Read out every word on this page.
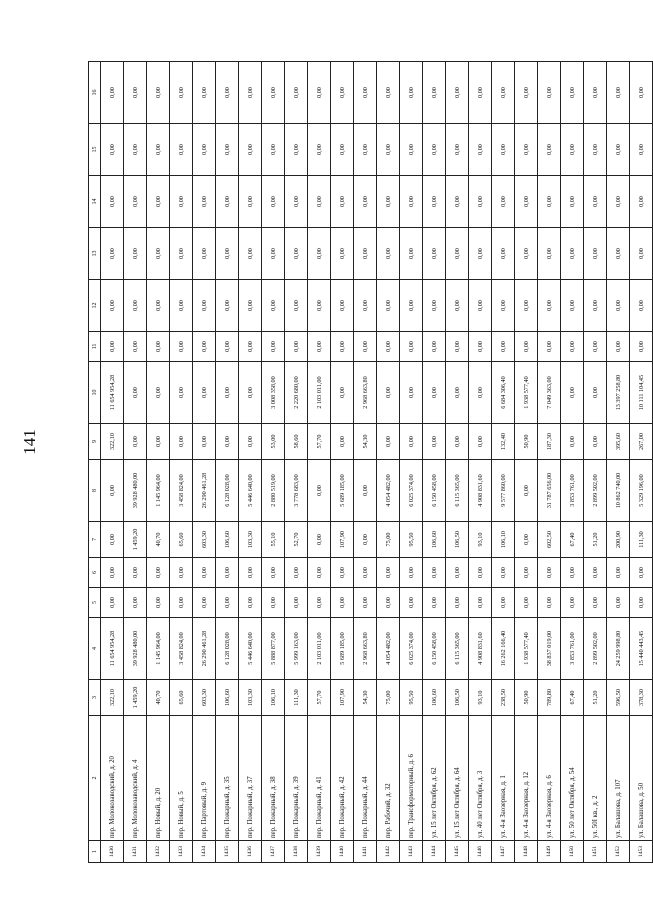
141
1	2	3	4	5	6	7	8	9	10	11	12	13	14	15	16
1430	пер. Молокозаводский, д. 20	322,10	11 654 954,28	0,00	0,00	0,00	0,00	322,10	11 654 954,28	0,00	0,00	0,00	0,00	0,00	0,00
1431	пер. Молокозаводский, д. 4	1 459,20	39 928 480,00	0,00	0,00	1 459,20	39 928 480,00	0,00	0,00	0,00	0,00	0,00	0,00	0,00	0,00
1432	пер. Новый, д. 20	40,70	1 145 964,00	0,00	0,00	40,70	1 145 964,00	0,00	0,00	0,00	0,00	0,00	0,00	0,00	0,00
1433	пер. Новый, д. 5	65,60	3 458 824,00	0,00	0,00	65,60	3 458 824,00	0,00	0,00	0,00	0,00	0,00	0,00	0,00	0,00
1434	пер. Партовый, д. 9	603,30	26 290 461,28	0,00	0,00	603,30	26 290 461,28	0,00	0,00	0,00	0,00	0,00	0,00	0,00	0,00
1435	пер. Пожарный, д. 35	106,60	6 128 028,00	0,00	0,00	106,60	6 128 028,00	0,00	0,00	0,00	0,00	0,00	0,00	0,00	0,00
1436	пер. Пожарный, д. 37	103,30	5 446 640,00	0,00	0,00	103,30	5 446 640,00	0,00	0,00	0,00	0,00	0,00	0,00	0,00	0,00
1437	пер. Пожарный, д. 38	106,10	5 888 877,00	0,00	0,00	55,10	2 880 519,00	53,00	3 008 358,00	0,00	0,00	0,00	0,00	0,00	0,00
1438	пер. Пожарный, д. 39	111,30	5 999 163,00	0,00	0,00	52,70	3 778 683,00	58,60	2 220 680,00	0,00	0,00	0,00	0,00	0,00	0,00
1439	пер. Пожарный, д. 41	57,70	2 103 011,00	0,00	0,00	0,00	0,00	57,70	2 103 011,00	0,00	0,00	0,00	0,00	0,00	0,00
1440	пер. Пожарный, д. 42	107,90	5 689 185,00	0,00	0,00	107,90	5 689 185,00	0,00	0,00	0,00	0,00	0,00	0,00	0,00	0,00
1441	пер. Пожарный, д. 44	54,30	2 968 663,80	0,00	0,00	0,00	0,00	54,30	2 968 663,80	0,00	0,00	0,00	0,00	0,00	0,00
1442	пер. Рабочий, д. 32	75,00	4 054 482,00	0,00	0,00	75,00	4 054 482,00	0,00	0,00	0,00	0,00	0,00	0,00	0,00	0,00
1443	пер. Трансформаторный, д. 6	95,50	6 025 374,00	0,00	0,00	95,50	6 025 374,00	0,00	0,00	0,00	0,00	0,00	0,00	0,00	0,00
1444	ул. 15 лет Октября, д. 62	106,60	6 150 458,00	0,00	0,00	106,60	6 150 458,00	0,00	0,00	0,00	0,00	0,00	0,00	0,00	0,00
1445	ул. 15 лет Октября, д. 64	106,50	6 115 365,00	0,00	0,00	106,50	6 115 365,00	0,00	0,00	0,00	0,00	0,00	0,00	0,00	0,00
1446	ул. 40 лет Октября, д. 3	93,10	4 908 831,60	0,00	0,00	93,10	4 908 831,60	0,00	0,00	0,00	0,00	0,00	0,00	0,00	0,00
1447	ул. 4-я Заозерная, д. 1	238,50	16 262 166,40	0,00	0,00	106,10	9 577 860,00	132,40	6 684 306,40	0,00	0,00	0,00	0,00	0,00	0,00
1448	ул. 4-я Заозерная, д. 12	50,90	1 938 577,40	0,00	0,00	0,00	0,00	50,90	1 938 577,40	0,00	0,00	0,00	0,00	0,00	0,00
1449	ул. 4-я Заозерная, д. 6	789,80	38 837 019,00	0,00	0,00	602,50	31 787 656,00	187,30	7 049 363,00	0,00	0,00	0,00	0,00	0,00	0,00
1450	ул. 50 лет Октября, д. 54	67,40	3 853 761,00	0,00	0,00	67,40	3 853 761,00	0,00	0,00	0,00	0,00	0,00	0,00	0,00	0,00
1451	ул. 50I кв., д. 2	51,20	2 899 502,00	0,00	0,00	51,20	2 899 502,00	0,00	0,00	0,00	0,00	0,00	0,00	0,00	0,00
1452	ул. Балашова, д. 107	596,50	24 259 998,80	0,00	0,00	200,90	10 862 740,00	395,60	13 397 258,80	0,00	0,00	0,00	0,00	0,00	0,00
1453	ул. Балашова, д. 50	378,30	15 440 443,45	0,00	0,00	111,30	5 329 196,00	267,00	10 111 104,45	0,00	0,00	0,00	0,00	0,00	0,00
